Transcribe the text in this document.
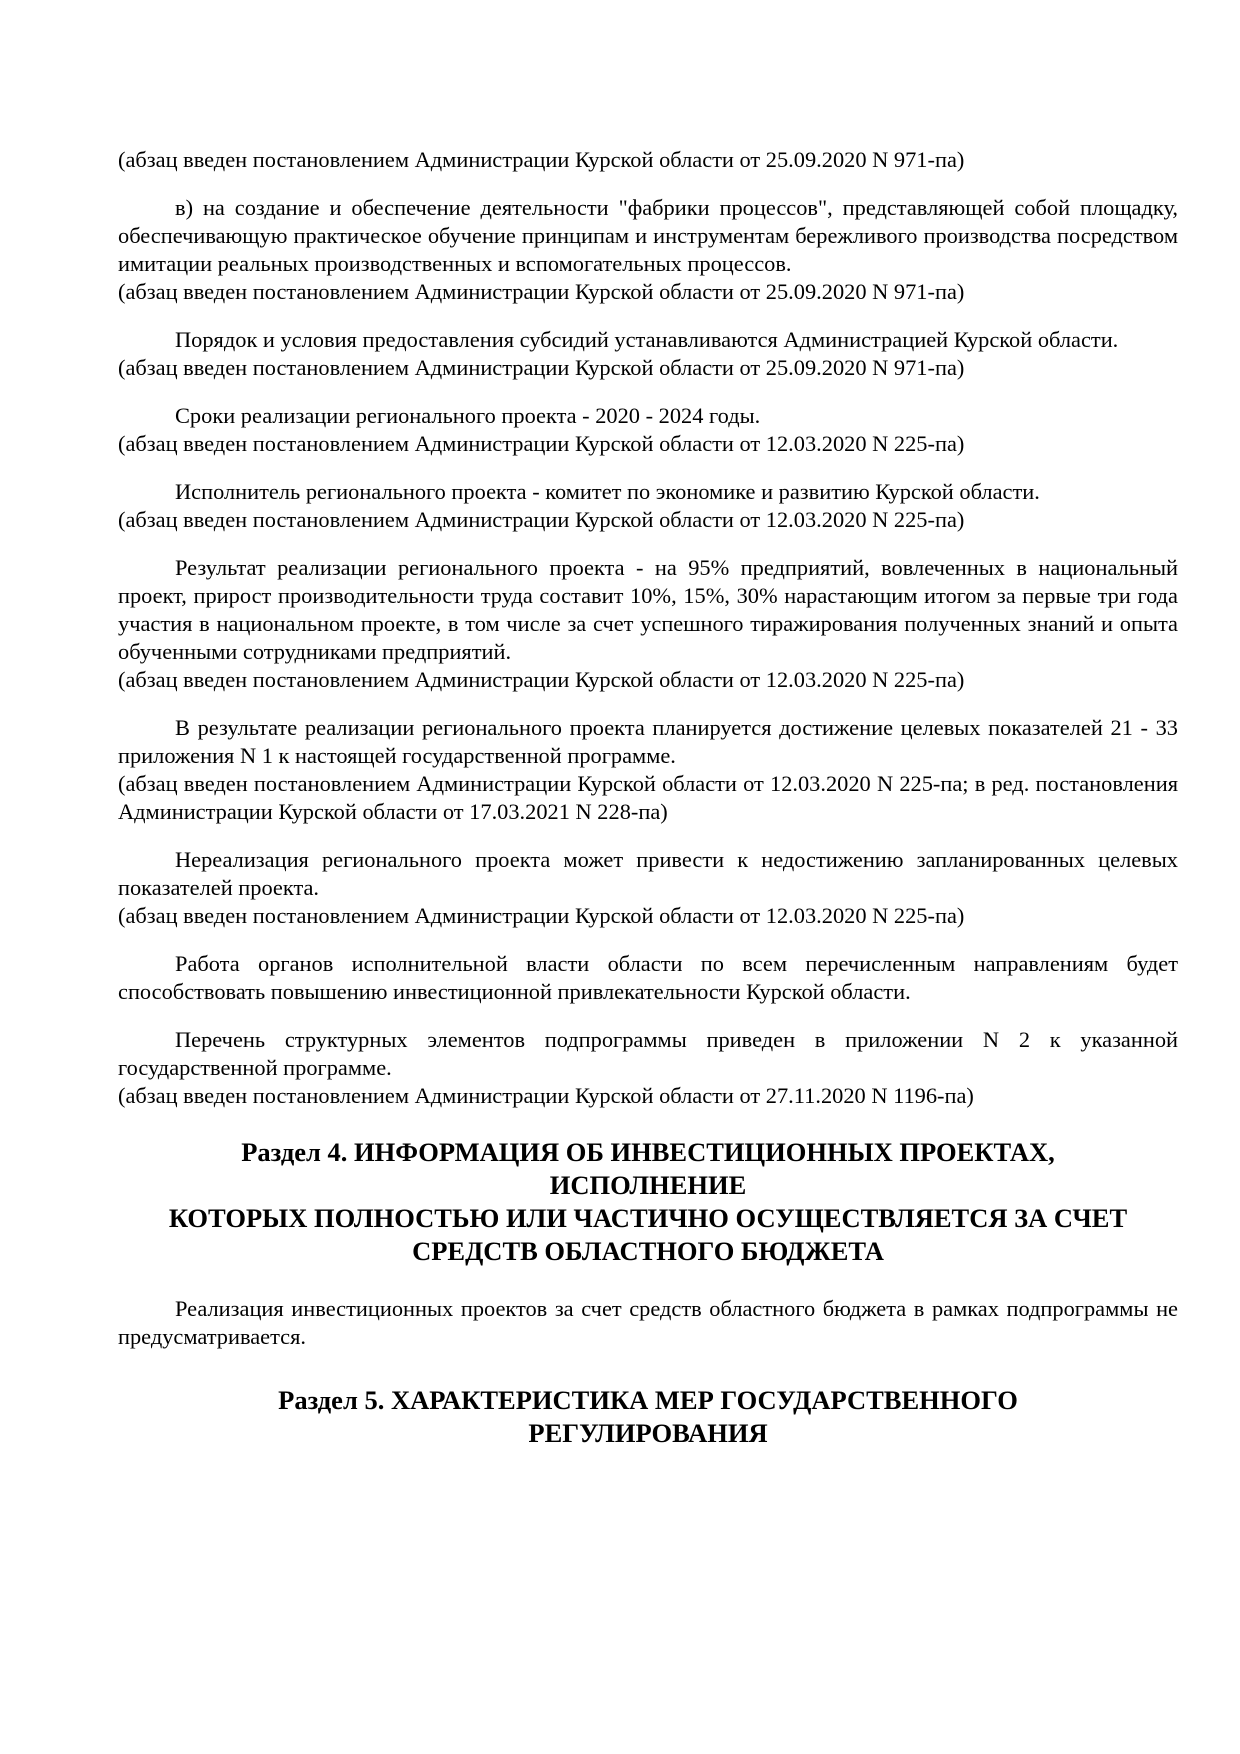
(абзац введен постановлением Администрации Курской области от 25.09.2020 N 971-па)

в) на создание и обеспечение деятельности "фабрики процессов", представляющей собой площадку, обеспечивающую практическое обучение принципам и инструментам бережливого производства посредством имитации реальных производственных и вспомогательных процессов.

(абзац введен постановлением Администрации Курской области от 25.09.2020 N 971-па)

Порядок и условия предоставления субсидий устанавливаются Администрацией Курской области.

(абзац введен постановлением Администрации Курской области от 25.09.2020 N 971-па)

Сроки реализации регионального проекта - 2020 - 2024 годы.

(абзац введен постановлением Администрации Курской области от 12.03.2020 N 225-па)

Исполнитель регионального проекта - комитет по экономике и развитию Курской области.

(абзац введен постановлением Администрации Курской области от 12.03.2020 N 225-па)

Результат реализации регионального проекта - на 95% предприятий, вовлеченных в национальный проект, прирост производительности труда составит 10%, 15%, 30% нарастающим итогом за первые три года участия в национальном проекте, в том числе за счет успешного тиражирования полученных знаний и опыта обученными сотрудниками предприятий.

(абзац введен постановлением Администрации Курской области от 12.03.2020 N 225-па)

В результате реализации регионального проекта планируется достижение целевых показателей 21 - 33 приложения N 1 к настоящей государственной программе.

(абзац введен постановлением Администрации Курской области от 12.03.2020 N 225-па; в ред. постановления Администрации Курской области от 17.03.2021 N 228-па)

Нереализация регионального проекта может привести к недостижению запланированных целевых показателей проекта.

(абзац введен постановлением Администрации Курской области от 12.03.2020 N 225-па)

Работа органов исполнительной власти области по всем перечисленным направлениям будет способствовать повышению инвестиционной привлекательности Курской области.

Перечень структурных элементов подпрограммы приведен в приложении N 2 к указанной государственной программе.

(абзац введен постановлением Администрации Курской области от 27.11.2020 N 1196-па)

Раздел 4. ИНФОРМАЦИЯ ОБ ИНВЕСТИЦИОННЫХ ПРОЕКТАХ,
ИСПОЛНЕНИЕ
КОТОРЫХ ПОЛНОСТЬЮ ИЛИ ЧАСТИЧНО ОСУЩЕСТВЛЯЕТСЯ ЗА СЧЕТ
СРЕДСТВ ОБЛАСТНОГО БЮДЖЕТА

Реализация инвестиционных проектов за счет средств областного бюджета в рамках подпрограммы не предусматривается.

Раздел 5. ХАРАКТЕРИСТИКА МЕР ГОСУДАРСТВЕННОГО
РЕГУЛИРОВАНИЯ
